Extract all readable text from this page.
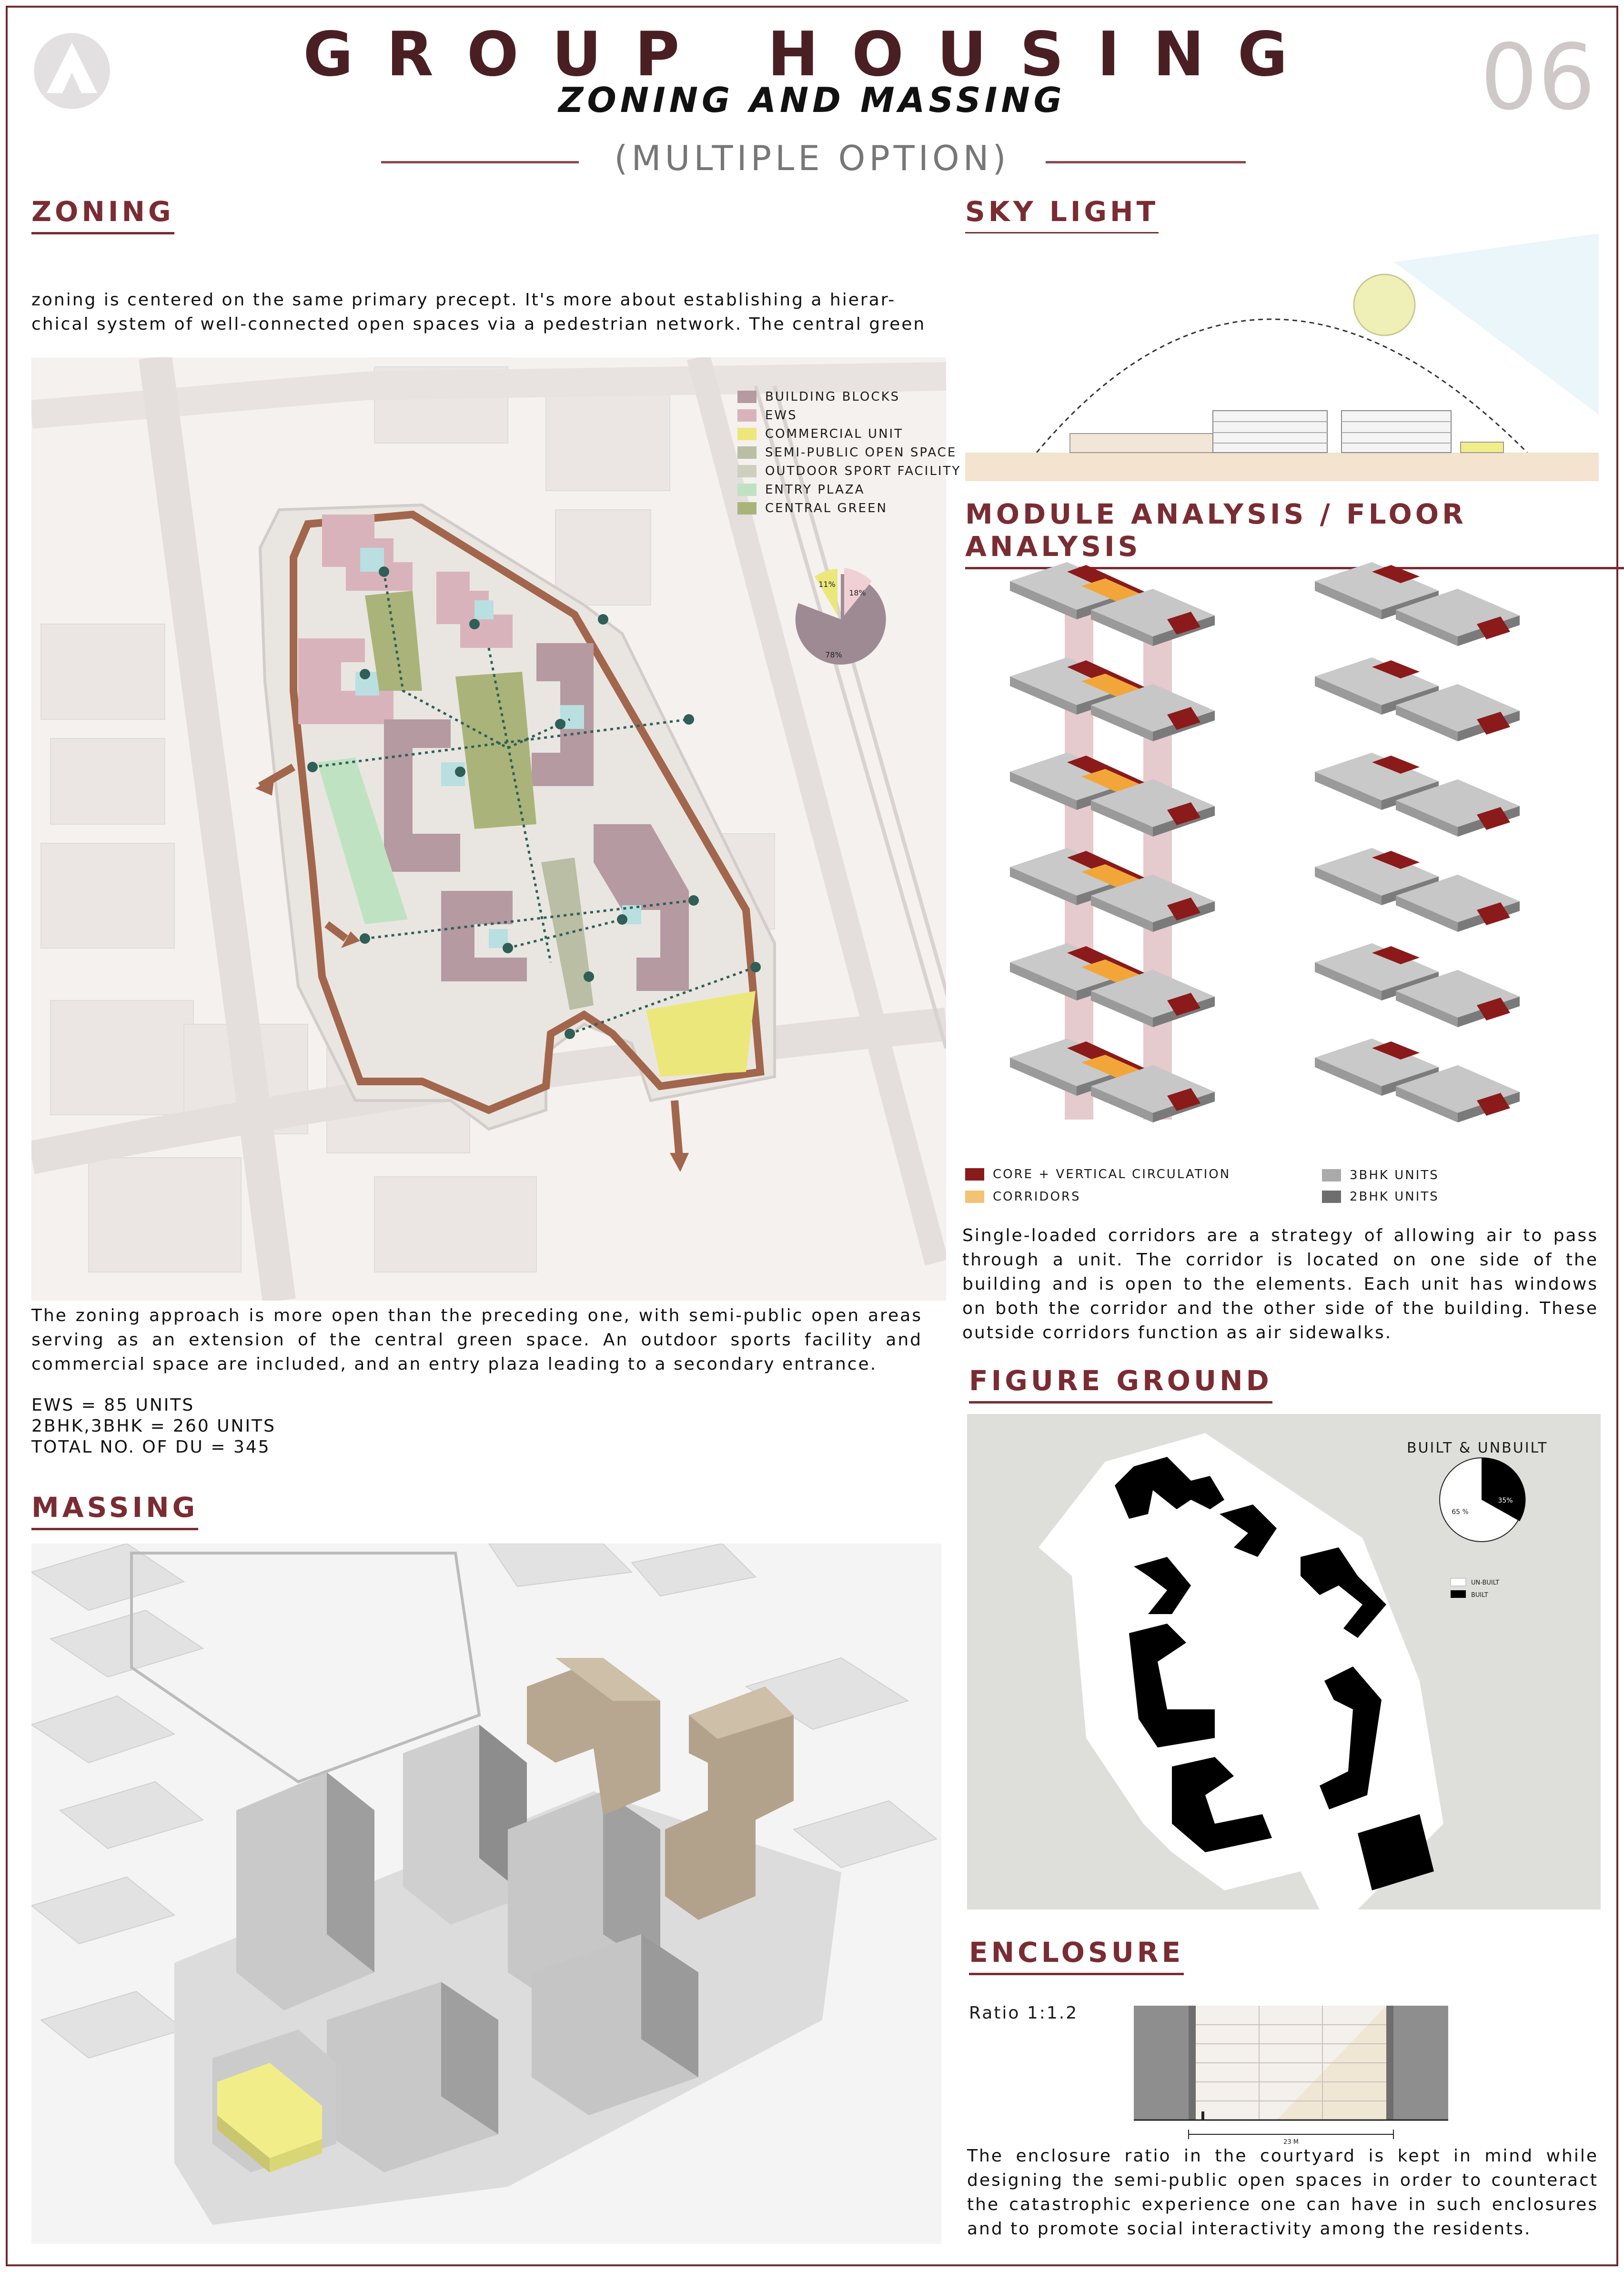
GROUP HOUSING
ZONING AND MASSING	06
(MULTIPLE OPTION)
ZONING
zoning is centered on the same primary precept. It's more about establishing a hierar-
chical system of well-connected open spaces via a pedestrian network. The central green
BUILDING BLOCKS
EWS
COMMERCIAL UNIT
SEMI-PUBLIC OPEN SPACE
OUTDOOR SPORT FACILITY
ENTRY PLAZA
CENTRAL GREEN
78%
18%
11%
The zoning approach is more open than the preceding one, with semi-public open areas serving as an extension of the central green space. An outdoor sports facility and commercial space are included, and an entry plaza leading to a secondary entrance.
EWS = 85 UNITS
2BHK,3BHK = 260 UNITS
TOTAL NO. OF DU = 345
MASSING
SKY LIGHT
MODULE ANALYSIS / FLOOR ANALYSIS
CORE + VERTICAL CIRCULATION
CORRIDORS
3BHK UNITS
2BHK UNITS
Single-loaded corridors are a strategy of allowing air to pass through a unit. The corridor is located on one side of the building and is open to the elements. Each unit has windows on both the corridor and the other side of the building. These outside corridors function as air sidewalks.
FIGURE GROUND
35%
65 %
UN-BUILT
BUILT
BUILT & UNBUILT
ENCLOSURE
Ratio 1:1.2
23 M
The enclosure ratio in the courtyard is kept in mind while designing the semi-public open spaces in order to counteract the catastrophic experience one can have in such enclosures and to promote social interactivity among the residents.
